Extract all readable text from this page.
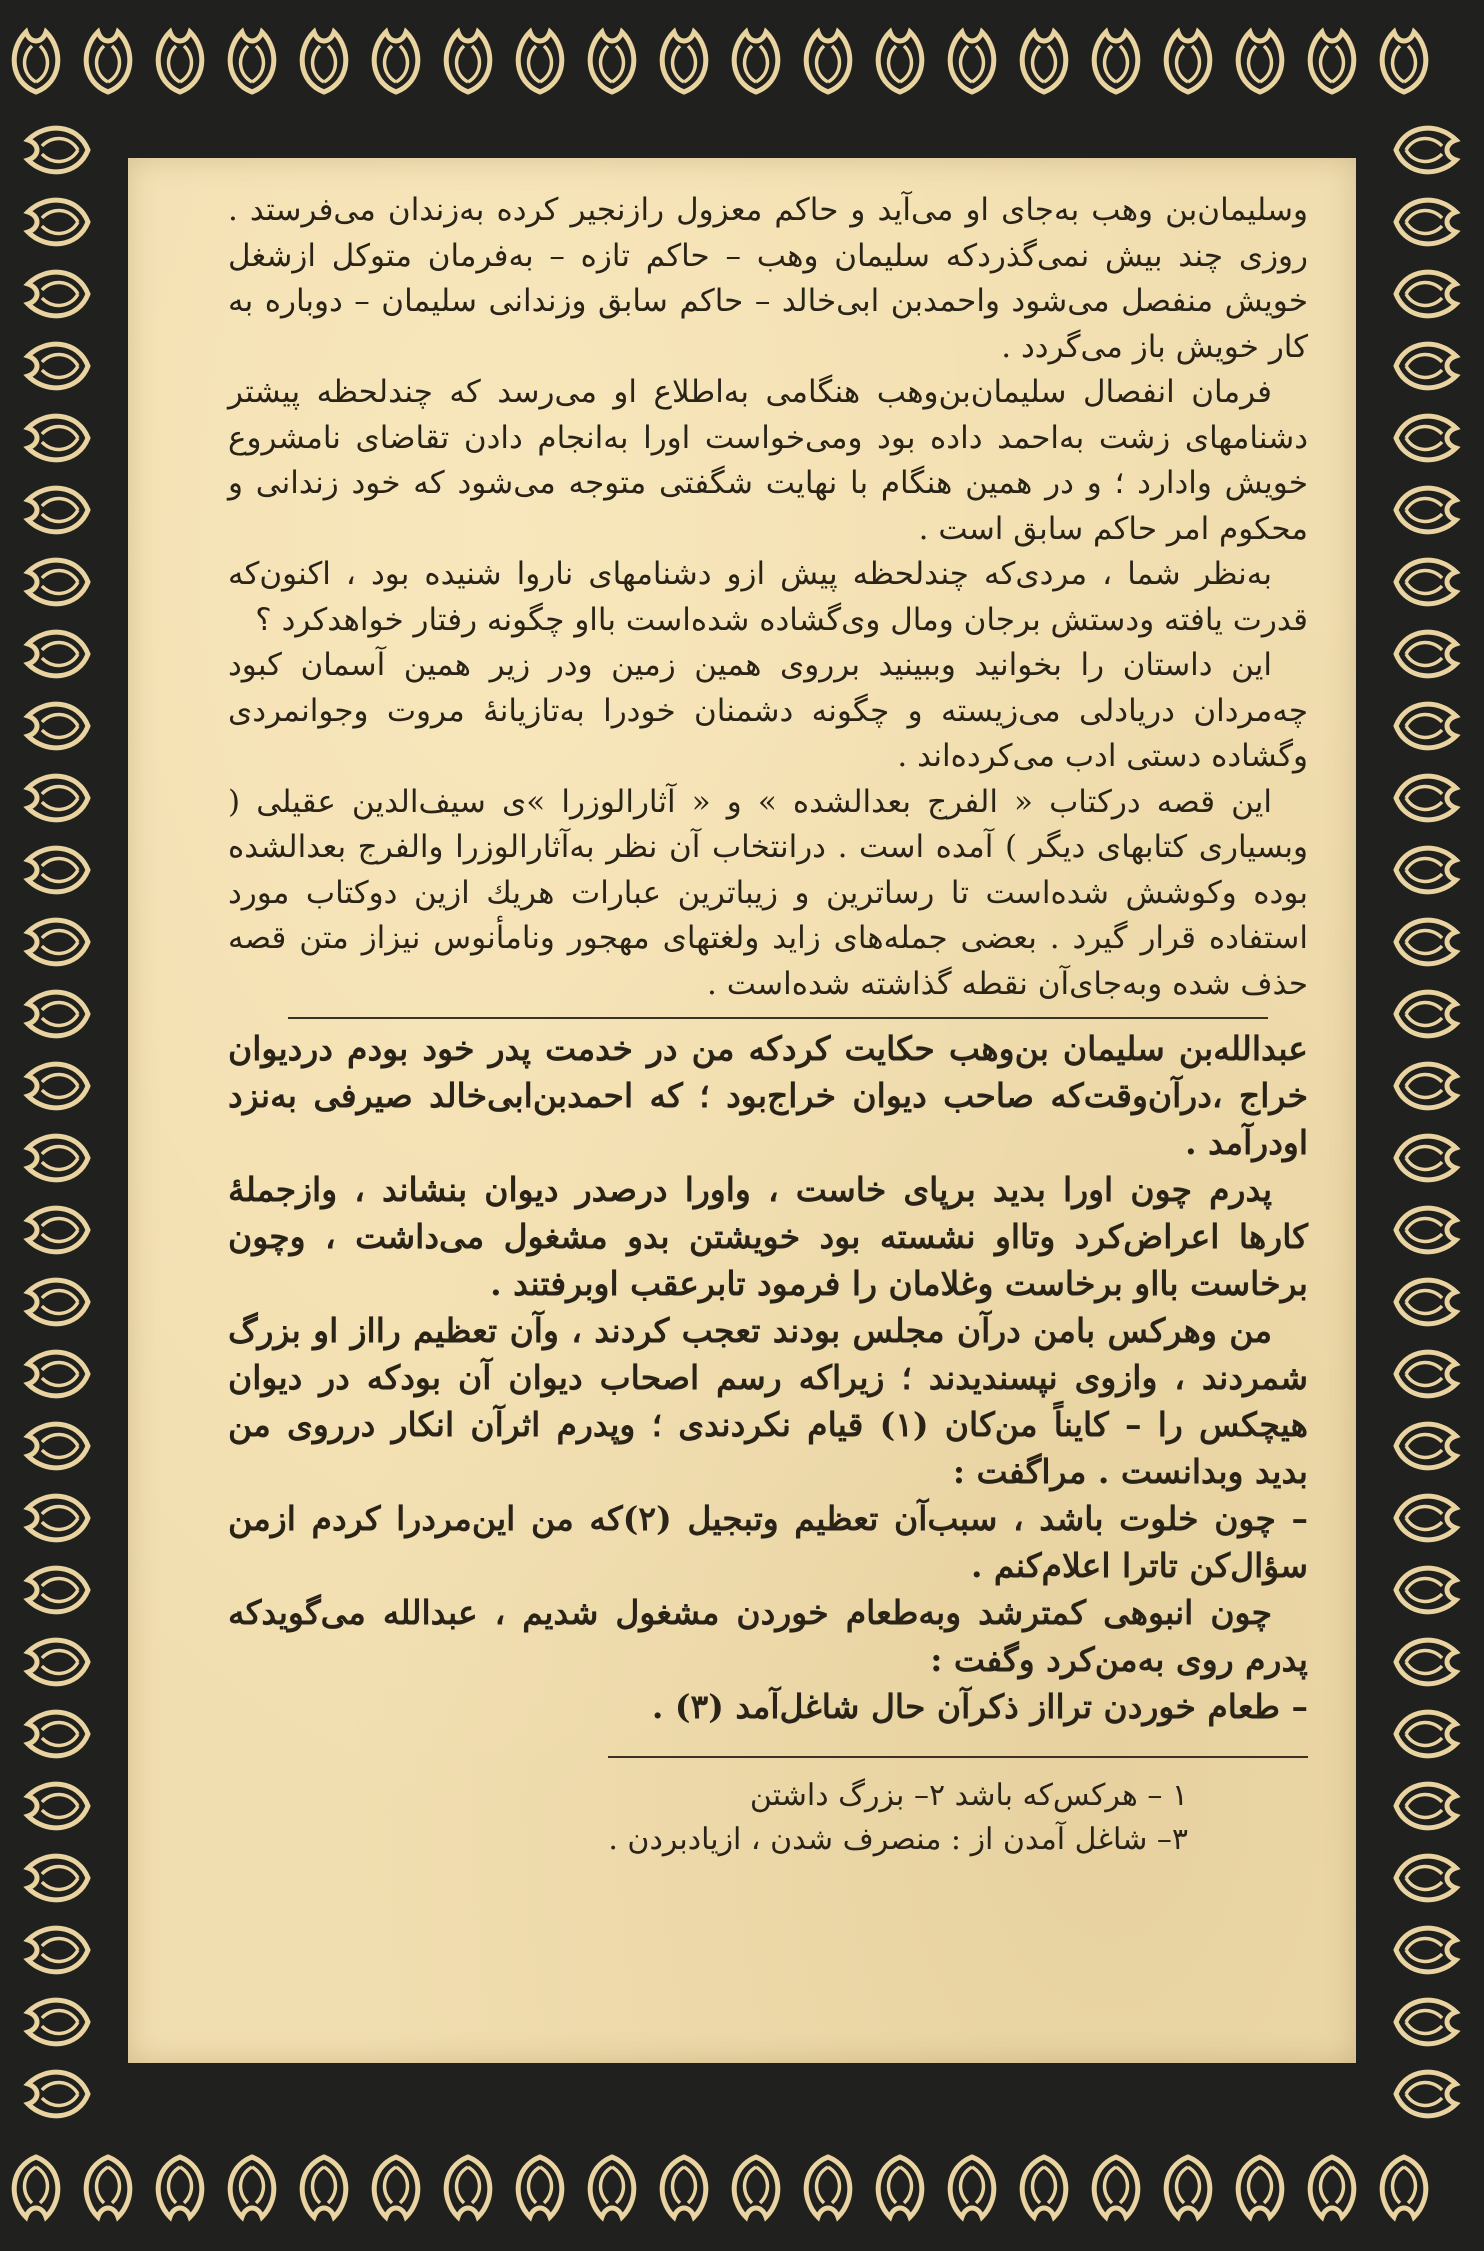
وسلیمان‌بن وهب به‌جای او می‌آید و حاکم معزول رازنجیر کرده به‌زندان می‌فرستد . روزی چند بیش نمی‌گذردکه سلیمان وهب – حاکم تازه – به‌فرمان متوکل ازشغل خویش منفصل می‌شود واحمدبن ابی‌خالد – حاکم سابق وزندانی سلیمان – دوباره به کار خویش باز می‌گردد .

فرمان انفصال سلیمان‌بن‌وهب هنگامی به‌اطلاع او می‌رسد که چندلحظه پیشتر دشنامهای زشت به‌احمد داده بود ومی‌خواست اورا به‌انجام دادن تقاضای نامشروع خویش وادارد ؛ و در همین هنگام با نهایت شگفتی متوجه می‌شود که خود زندانی و محکوم امر حاکم سابق است .

به‌نظر شما ، مردی‌که چندلحظه پیش ازو دشنامهای ناروا شنیده بود ، اکنون‌که قدرت یافته ودستش برجان ومال وی‌گشاده شده‌است بااو چگونه رفتار خواهدکرد ؟

این داستان را بخوانید وببینید برروی همین زمین ودر زیر همین آسمان کبود چه‌مردان دریادلی می‌زیسته و چگونه دشمنان خودرا به‌تازیانهٔ مروت وجوانمردی وگشاده دستی ادب می‌کرده‌اند .

این قصه درکتاب « الفرج بعدالشده » و « آثارالوزرا »ی سیف‌الدین عقیلی ( وبسیاری کتابهای دیگر ) آمده است . درانتخاب آن نظر به‌آثارالوزرا والفرج بعدالشده بوده وکوشش شده‌است تا رساترین و زیباترین عبارات هریك ازین دوکتاب مورد استفاده قرار گیرد . بعضی جمله‌های زاید ولغتهای مهجور ونامأنوس نیزاز متن قصه حذف شده وبه‌جای‌آن نقطه گذاشته شده‌است .

عبدالله‌بن سلیمان بن‌وهب حکایت کردکه من در خدمت پدر خود بودم دردیوان خراج ،درآن‌وقت‌که صاحب دیوان خراج‌بود ؛ که احمدبن‌ابی‌خالد صیرفی به‌نزد اودرآمد .

پدرم چون اورا بدید برپای خاست ، واورا درصدر دیوان بنشاند ، وازجملهٔ کارها اعراض‌کرد وتااو نشسته بود خویشتن بدو مشغول می‌داشت ، وچون برخاست بااو برخاست وغلامان را فرمود تابرعقب اوبرفتند .

من وهرکس بامن درآن مجلس بودند تعجب کردند ، وآن تعظیم رااز او بزرگ شمردند ، وازوی نپسندیدند ؛ زیراکه رسم اصحاب دیوان آن بودکه در دیوان هیچکس را – کایناً من‌کان (۱) قیام نکردندی ؛ وپدرم اثرآن انکار درروی من بدید وبدانست . مراگفت :

– چون خلوت باشد ، سبب‌آن تعظیم وتبجیل (۲)که من این‌مردرا کردم ازمن سؤال‌کن تاترا اعلام‌کنم .

چون انبوهی کمترشد وبه‌طعام خوردن مشغول شدیم ، عبدالله می‌گویدکه پدرم روی به‌من‌کرد وگفت :

– طعام خوردن ترااز ذکرآن حال شاغل‌آمد (۳) .

۱ – هرکس‌که باشد ۲– بزرگ داشتن

۳– شاغل آمدن از : منصرف شدن ، ازیادبردن .
